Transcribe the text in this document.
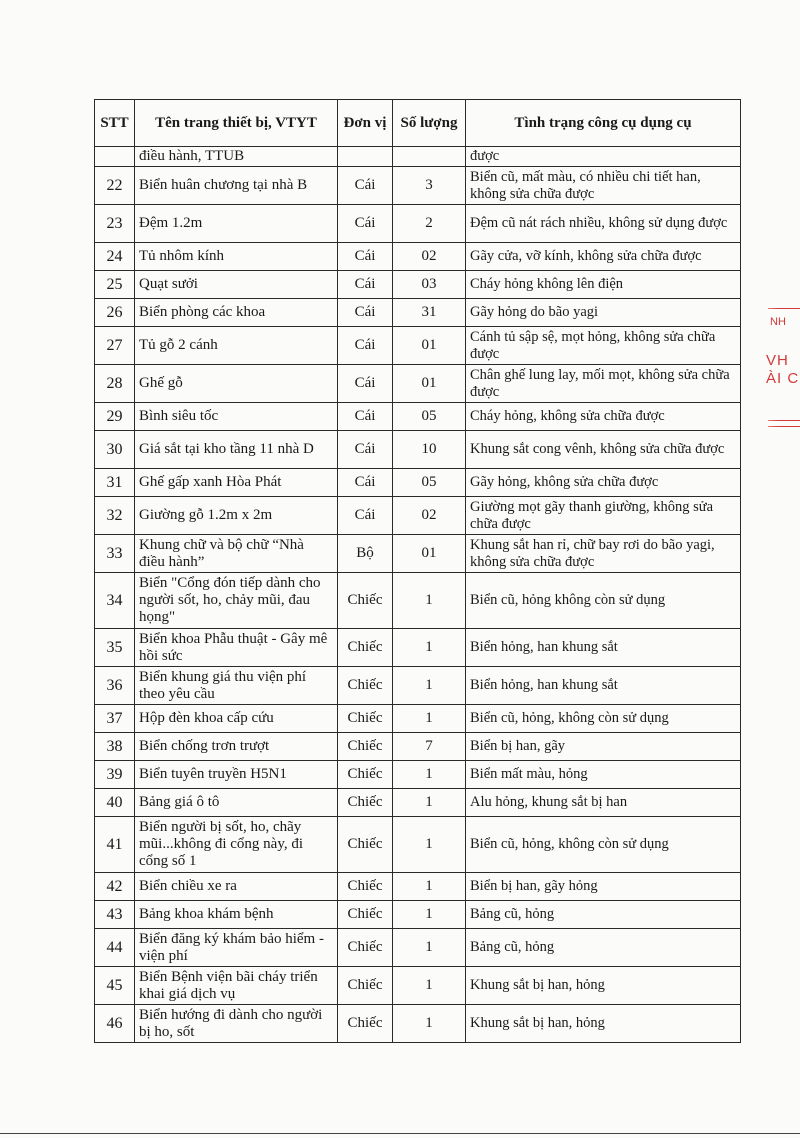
STT	Tên trang thiết bị, VTYT	Đơn vị	Số lượng	Tình trạng công cụ dụng cụ
	điều hành, TTUB			được
22	Biển huân chương tại nhà B	Cái	3	Biển cũ, mất màu, có nhiều chi tiết han, không sửa chữa được
23	Đệm 1.2m	Cái	2	Đệm cũ nát rách nhiều, không sử dụng được
24	Tủ nhôm kính	Cái	02	Gãy cửa, vỡ kính, không sửa chữa được
25	Quạt sưởi	Cái	03	Cháy hỏng không lên điện
26	Biển phòng các khoa	Cái	31	Gãy hỏng do bão yagi
27	Tủ gỗ 2 cánh	Cái	01	Cánh tủ sập sệ, mọt hỏng, không sửa chữa được
28	Ghế gỗ	Cái	01	Chân ghế lung lay, mối mọt, không sửa chữa được
29	Bình siêu tốc	Cái	05	Cháy hỏng, không sửa chữa được
30	Giá sắt tại kho tầng 11 nhà D	Cái	10	Khung sắt cong vênh, không sửa chữa được
31	Ghế gấp xanh Hòa Phát	Cái	05	Gãy hỏng, không sửa chữa được
32	Giường gỗ 1.2m x 2m	Cái	02	Giường mọt gãy thanh giường, không sửa chữa được
33	Khung chữ và bộ chữ “Nhà điều hành”	Bộ	01	Khung sắt han rỉ, chữ bay rơi do bão yagi, không sửa chữa được
34	Biển "Cổng đón tiếp dành cho người sốt, ho, chảy mũi, đau họng"	Chiếc	1	Biển cũ, hỏng không còn sử dụng
35	Biển khoa Phẫu thuật - Gây mê hồi sức	Chiếc	1	Biển hỏng, han khung sắt
36	Biển khung giá thu viện phí theo yêu cầu	Chiếc	1	Biển hỏng, han khung sắt
37	Hộp đèn khoa cấp cứu	Chiếc	1	Biển cũ, hỏng, không còn sử dụng
38	Biển chống trơn trượt	Chiếc	7	Biển bị han, gãy
39	Biển tuyên truyền H5N1	Chiếc	1	Biển mất màu, hỏng
40	Bảng giá ô tô	Chiếc	1	Alu hỏng, khung sắt bị han
41	Biển người bị sốt, ho, chãy mũi...không đi cổng này, đi cổng số 1	Chiếc	1	Biển cũ, hỏng, không còn sử dụng
42	Biển chiều xe ra	Chiếc	1	Biển bị han, gãy hỏng
43	Bảng khoa khám bệnh	Chiếc	1	Bảng cũ, hỏng
44	Biển đăng ký khám bảo hiểm - viện phí	Chiếc	1	Bảng cũ, hỏng
45	Biển Bệnh viện bãi cháy triển khai giá dịch vụ	Chiếc	1	Khung sắt bị han, hỏng
46	Biển hướng đi dành cho người bị ho, sốt	Chiếc	1	Khung sắt bị han, hỏng
NH
VH
ÀI C
